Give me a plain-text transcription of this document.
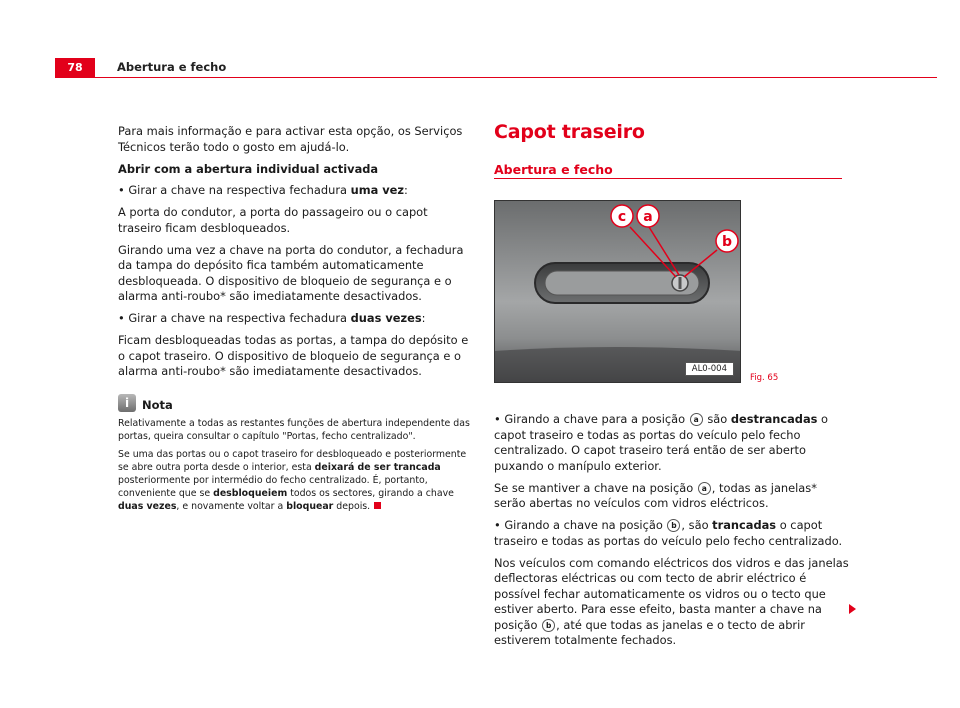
78	Abertura e fecho

Para mais informação e para activar esta opção, os Serviços Técnicos terão todo o gosto em ajudá-lo.

Abrir com a abertura individual activada

• Girar a chave na respectiva fechadura uma vez:

A porta do condutor, a porta do passageiro ou o capot traseiro ficam desbloqueados.

Girando uma vez a chave na porta do condutor, a fechadura da tampa do depósito fica também automaticamente desbloqueada. O dispositivo de bloqueio de segurança e o alarma anti-roubo* são imediatamente desactivados.

• Girar a chave na respectiva fechadura duas vezes:

Ficam desbloqueadas todas as portas, a tampa do depósito e o capot traseiro. O dispositivo de bloqueio de segurança e o alarma anti-roubo* são imediatamente desactivados.

i	Nota

Relativamente a todas as restantes funções de abertura independente das portas, queira consultar o capítulo "Portas, fecho centralizado".

Se uma das portas ou o capot traseiro for desbloqueado e posteriormente se abre outra porta desde o interior, esta deixará de ser trancada posteriormente por intermédio do fecho centralizado. É, portanto, conveniente que se desbloqueiem todos os sectores, girando a chave duas vezes, e novamente voltar a bloquear depois.

Capot traseiro
Abertura e fecho
c a
b
AL0-004
Fig. 65

• Girando a chave para a posição a são destrancadas o capot traseiro e todas as portas do veículo pelo fecho centralizado. O capot traseiro terá então de ser aberto puxando o manípulo exterior.

Se se mantiver a chave na posição a , todas as janelas* serão abertas no veículos com vidros eléctricos.

• Girando a chave na posição b , são trancadas o capot traseiro e todas as portas do veículo pelo fecho centralizado.

Nos veículos com comando eléctricos dos vidros e das janelas deflectoras eléctricas ou com tecto de abrir eléctrico é possível fechar automaticamente os vidros ou o tecto que estiver aberto. Para esse efeito, basta manter a chave na posição b , até que todas as janelas e o tecto de abrir estiverem totalmente fechados.
